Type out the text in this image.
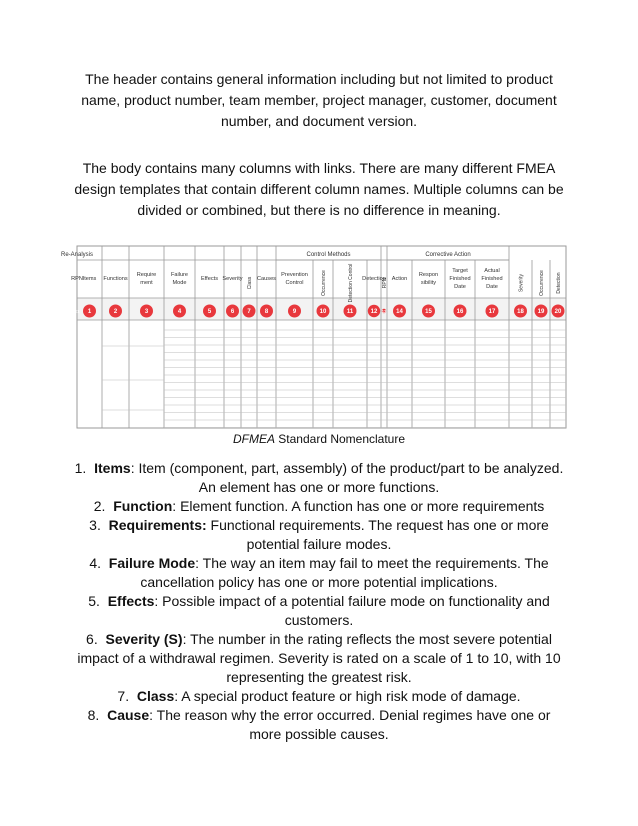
The header contains general information including but not limited to product name, product number, team member, project manager, customer, document number, and document version.

The body contains many columns with links. There are many different FMEA design templates that contain different column names. Multiple columns can be divided or combined, but there is no difference in meaning.

Control Methods	Corrective Action
Re-Analysis
Items
1
Functions
2
Require ment
3
Failure Mode
4
Effects
5
Severity
6
Class
7
Causes
8
Prevention Control
9
Occurrence
10
Detection Control
11
Detection
12
RPN
13
Action
14
Respon sibility
15
Target Finished Date
16
Actual Finished Date
17
Severity
18
Occurrence
19
Detection
20
RPN
21

DFMEA Standard Nomenclature

1. Items: Item (component, part, assembly) of the product/part to be analyzed. An element has one or more functions.
2. Function: Element function. A function has one or more requirements
3. Requirements: Functional requirements. The request has one or more potential failure modes.
4. Failure Mode: The way an item may fail to meet the requirements. The cancellation policy has one or more potential implications.
5. Effects: Possible impact of a potential failure mode on functionality and customers.
6. Severity (S): The number in the rating reflects the most severe potential impact of a withdrawal regimen. Severity is rated on a scale of 1 to 10, with 10 representing the greatest risk.
7. Class: A special product feature or high risk mode of damage.
8. Cause: The reason why the error occurred. Denial regimes have one or more possible causes.
